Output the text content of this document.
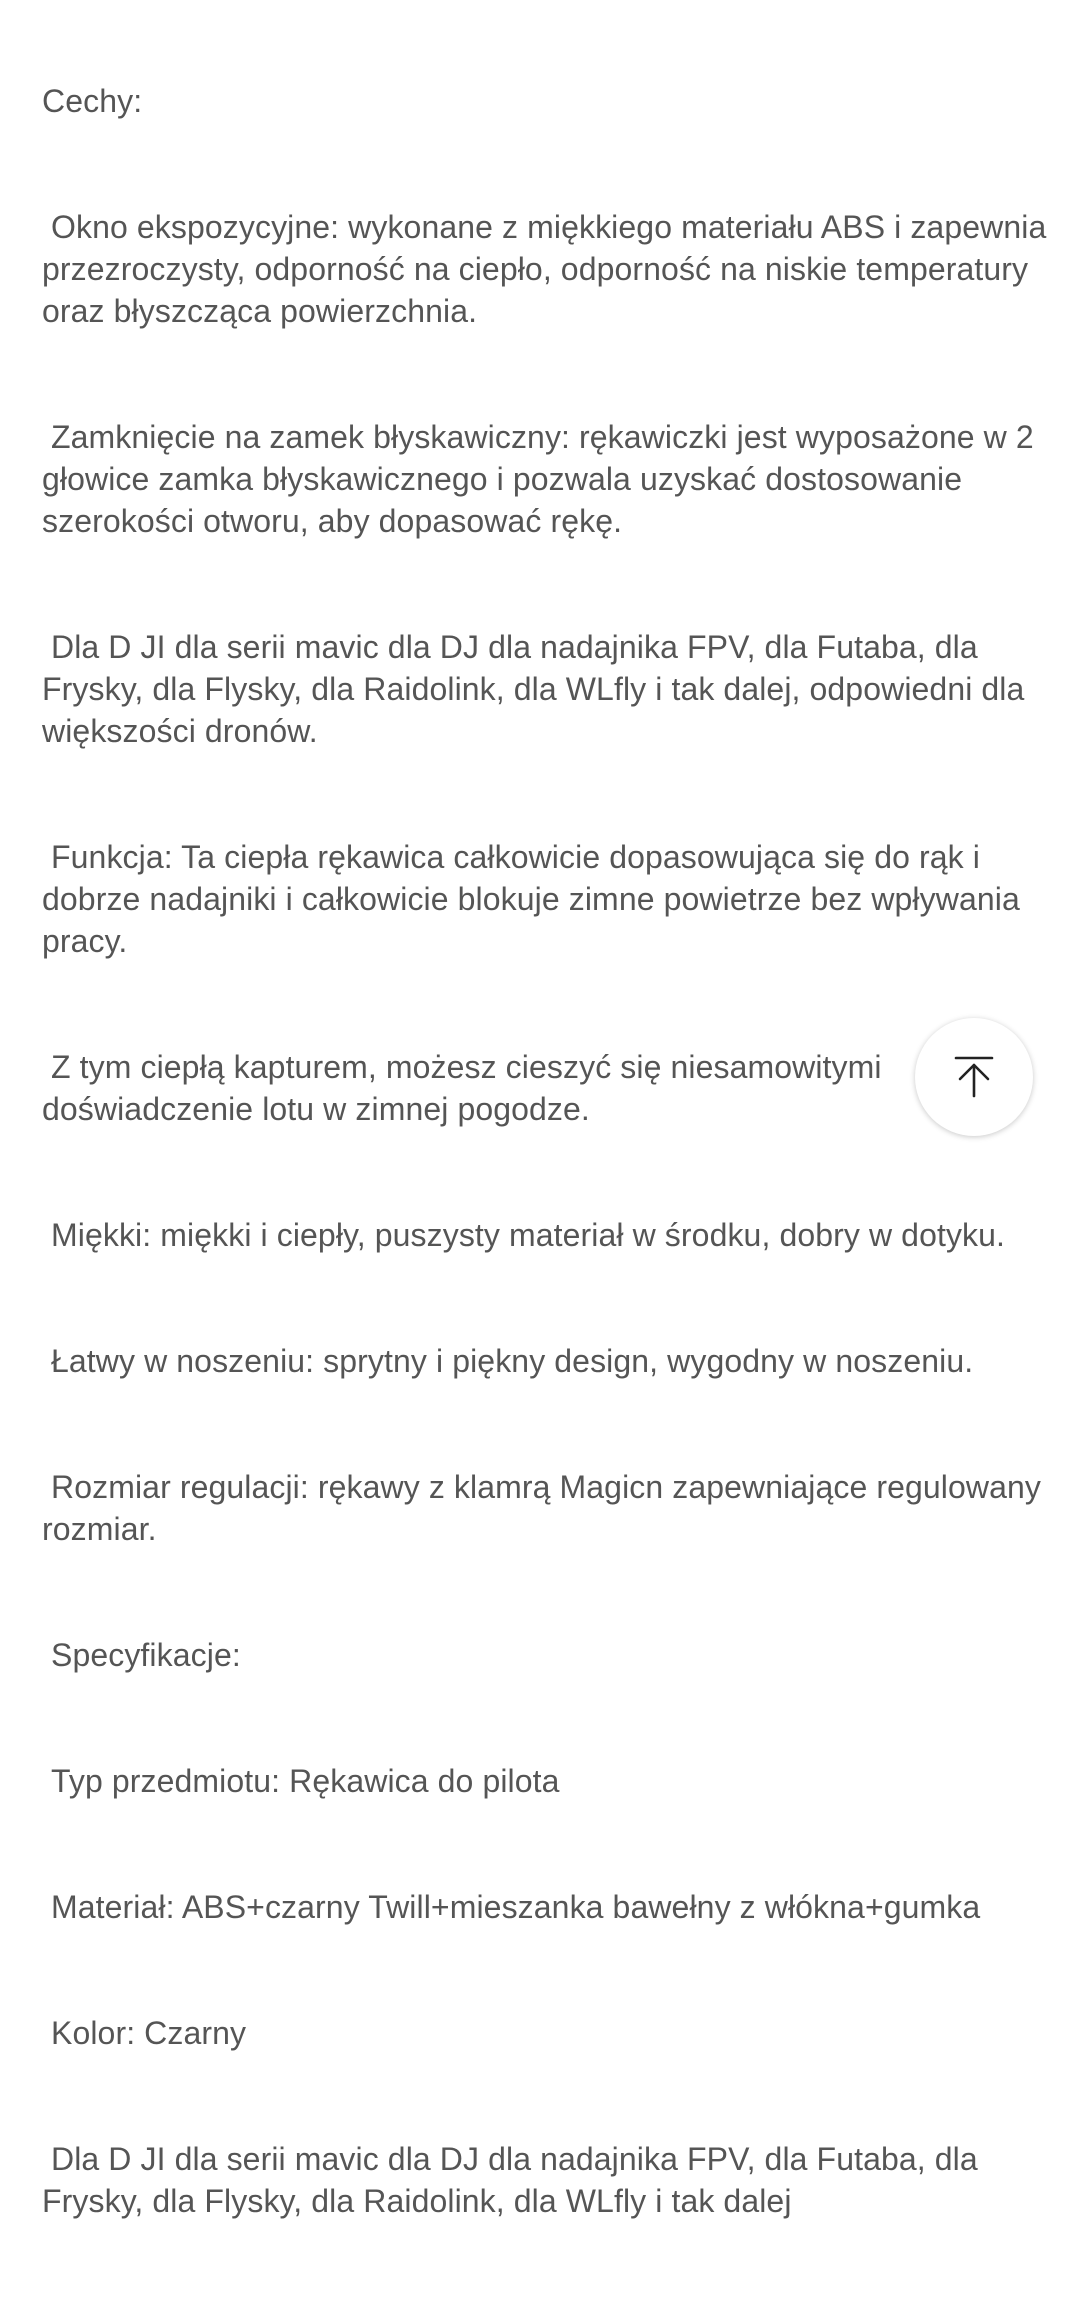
Cechy:

Okno ekspozycyjne: wykonane z miękkiego materiału ABS i zapewnia przezroczysty, odporność na ciepło, odporność na niskie temperatury oraz błyszcząca powierzchnia.

Zamknięcie na zamek błyskawiczny: rękawiczki jest wyposażone w 2 głowice zamka błyskawicznego i pozwala uzyskać dostosowanie szerokości otworu, aby dopasować rękę.

Dla D JI dla serii mavic dla DJ dla nadajnika FPV, dla Futaba, dla Frysky, dla Flysky, dla Raidolink, dla WLfly i tak dalej, odpowiedni dla większości dronów.

Funkcja: Ta ciepła rękawica całkowicie dopasowująca się do rąk i dobrze nadajniki i całkowicie blokuje zimne powietrze bez wpływania pracy.

Z tym ciepłą kapturem, możesz cieszyć się niesamowitymi doświadczenie lotu w zimnej pogodze.

Miękki: miękki i ciepły, puszysty materiał w środku, dobry w dotyku.

Łatwy w noszeniu: sprytny i piękny design, wygodny w noszeniu.

Rozmiar regulacji: rękawy z klamrą Magicn zapewniające regulowany rozmiar.

Specyfikacje:

Typ przedmiotu: Rękawica do pilota

Materiał: ABS+czarny Twill+mieszanka bawełny z włókna+gumka

Kolor: Czarny

Dla D JI dla serii mavic dla DJ dla nadajnika FPV, dla Futaba, dla Frysky, dla Flysky, dla Raidolink, dla WLfly i tak dalej
